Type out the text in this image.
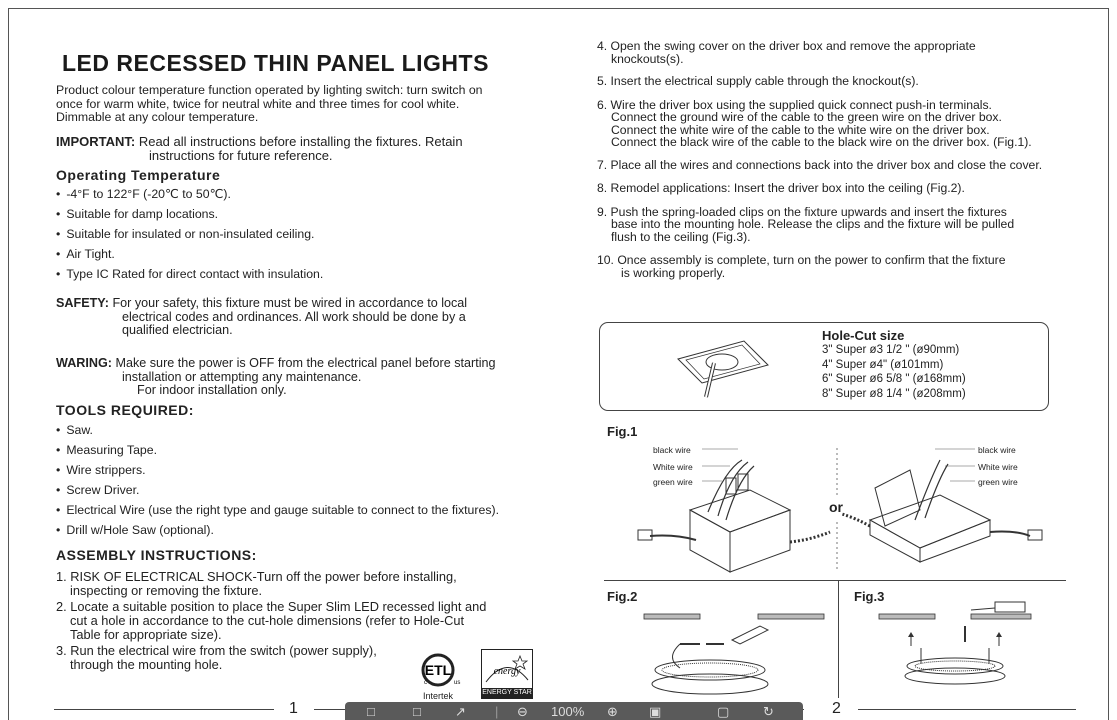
LED RECESSED THIN PANEL LIGHTS
Product colour temperature function operated by lighting switch: turn switch on
once for warm white, twice for neutral white and three times for cool white.
Dimmable at any colour temperature.
IMPORTANT: Read all instructions before installing the fixtures. Retain
instructions for future reference.
Operating Temperature
• -4°F to 122°F (-20℃ to 50℃).
• Suitable for damp locations.
• Suitable for insulated or non-insulated ceiling.
• Air Tight.
• Type IC Rated for direct contact with insulation.
SAFETY: For your safety, this fixture must be wired in accordance to local
electrical codes and ordinances. All work should be done by a
qualified electrician.
WARING: Make sure the power is OFF from the electrical panel before starting
installation or attempting any maintenance.
For indoor installation only.
TOOLS REQUIRED:
• Saw.
• Measuring Tape.
• Wire strippers.
• Screw Driver.
• Electrical Wire (use the right type and gauge suitable to connect to the fixtures).
• Drill w/Hole Saw (optional).
ASSEMBLY INSTRUCTIONS:
1. RISK OF ELECTRICAL SHOCK-Turn off the power before installing,
inspecting or removing the fixture.
2. Locate a suitable position to place the Super Slim LED recessed light and
cut a hole in accordance to the cut-hole dimensions (refer to Hole-Cut
Table for appropriate size).
3. Run the electrical wire from the switch (power supply),
through the mounting hole.	ETL
c	us
Intertek
energy
ENERGY STAR
1	2
4. Open the swing cover on the driver box and remove the appropriate
knockouts(s).
5. Insert the electrical supply cable through the knockout(s).
6. Wire the driver box using the supplied quick connect push-in terminals.
Connect the ground wire of the cable to the green wire on the driver box.
Connect the white wire of the cable to the white wire on the driver box.
Connect the black wire of the cable to the black wire on the driver box. (Fig.1).
7. Place all the wires and connections back into the driver box and close the cover.
8. Remodel applications: Insert the driver box into the ceiling (Fig.2).
9. Push the spring-loaded clips on the fixture upwards and insert the fixtures
base into the mounting hole. Release the clips and the fixture will be pulled
flush to the ceiling (Fig.3).
10. Once assembly is complete, turn on the power to confirm that the fixture
is working properly.
Hole-Cut size
3" Super ø3 1/2 " (ø90mm)
4" Super ø4" (ø101mm)
6" Super ø6 5/8 " (ø168mm)
8" Super ø8 1/4 " (ø208mm)
Fig.1
black wire
White wire
green wire
black wire
White wire
green wire
or
Fig.2	Fig.3
□	□	↗ | ⊖ 100% ⊕ ▣	▢	↻
